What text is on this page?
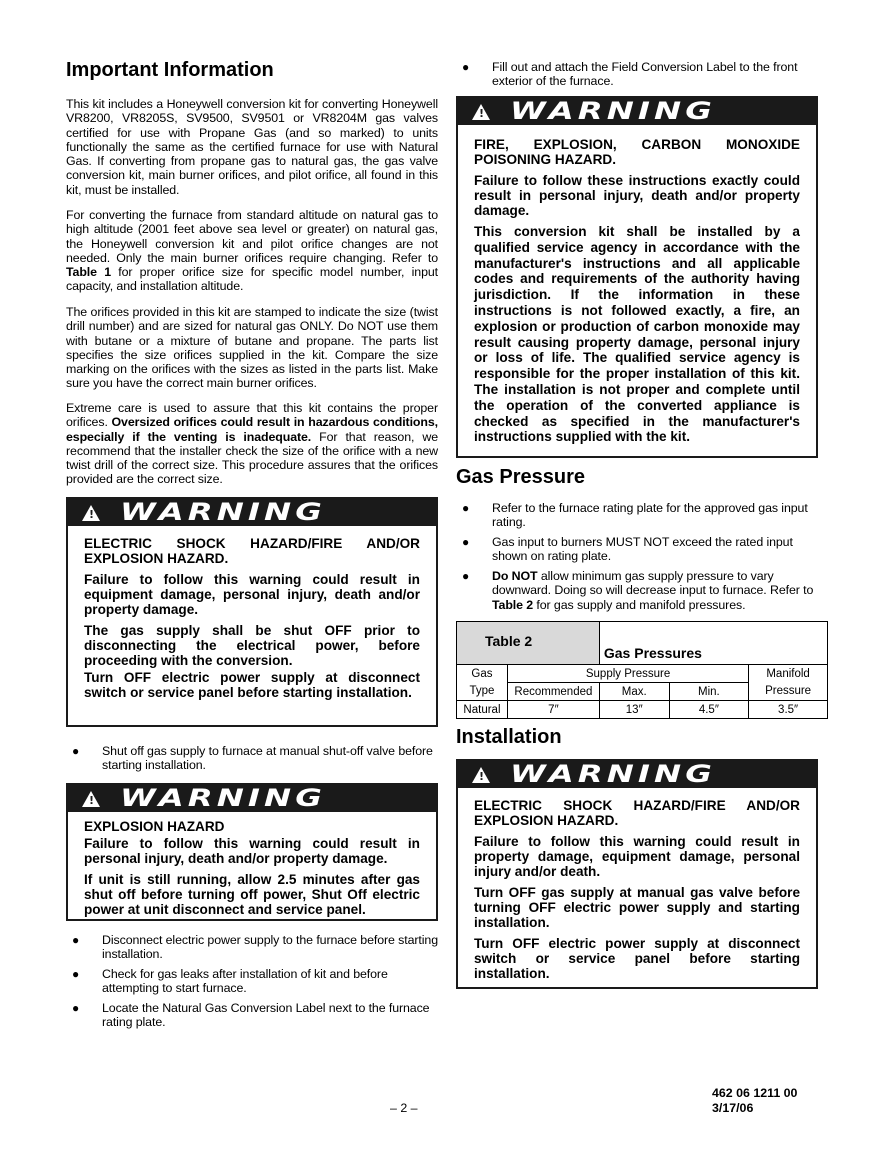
Important Information

This kit includes a Honeywell conversion kit for converting Honeywell VR8200, VR8205S, SV9500, SV9501 or VR8204M gas valves certified for use with Propane Gas (and so marked) to units functionally the same as the certified furnace for use with Natural Gas. If converting from propane gas to natural gas, the gas valve conversion kit, main burner orifices, and pilot orifice, all found in this kit, must be installed.

For converting the furnace from standard altitude on natural gas to high altitude (2001 feet above sea level or greater) on natural gas, the Honeywell conversion kit and pilot orifice changes are not needed. Only the main burner orifices require changing. Refer to Table 1 for proper orifice size for specific model number, input capacity, and installation altitude.

The orifices provided in this kit are stamped to indicate the size (twist drill number) and are sized for natural gas ONLY. Do NOT use them with butane or a mixture of butane and propane. The parts list specifies the size orifices supplied in the kit. Compare the size marking on the orifices with the sizes as listed in the parts list. Make sure you have the correct main burner orifices.

Extreme care is used to assure that this kit contains the proper orifices. Oversized orifices could result in hazardous conditions, especially if the venting is inadequate. For that reason, we recommend that the installer check the size of the orifice with a new twist drill of the correct size. This procedure assures that the orifices provided are the correct size.

! WARNING

ELECTRIC SHOCK HAZARD/FIRE AND/OR EXPLOSION HAZARD.

Failure to follow this warning could result in equipment damage, personal injury, death and/or property damage.

The gas supply shall be shut OFF prior to disconnecting the electrical power, before proceeding with the conversion.

Turn OFF electric power supply at disconnect switch or service panel before starting installation.

● Shut off gas supply to furnace at manual shut-off valve before starting installation.
! WARNING

EXPLOSION HAZARD

Failure to follow this warning could result in personal injury, death and/or property damage.

If unit is still running, allow 2.5 minutes after gas shut off before turning off power, Shut Off electric power at unit disconnect and service panel.

● Disconnect electric power supply to the furnace before starting installation.
● Check for gas leaks after installation of kit and before attempting to start furnace.
● Locate the Natural Gas Conversion Label next to the furnace rating plate.
● Fill out and attach the Field Conversion Label to the front exterior of the furnace.
! WARNING

FIRE, EXPLOSION, CARBON MONOXIDE POISONING HAZARD.

Failure to follow these instructions exactly could result in personal injury, death and/or property damage.

This conversion kit shall be installed by a qualified service agency in accordance with the manufacturer's instructions and all applicable codes and requirements of the authority having jurisdiction. If the information in these instructions is not followed exactly, a fire, an explosion or production of carbon monoxide may result causing property damage, personal injury or loss of life. The qualified service agency is responsible for the proper installation of this kit. The installation is not proper and complete until the operation of the converted appliance is checked as specified in the manufacturer's instructions supplied with the kit.

Gas Pressure
● Refer to the furnace rating plate for the approved gas input rating.
● Gas input to burners MUST NOT exceed the rated input shown on rating plate.
● Do NOT allow minimum gas supply pressure to vary downward. Doing so will decrease input to furnace. Refer to Table 2 for gas supply and manifold pressures.
Table 2		Gas Pressures		
Gas	Supply Pressure			Manifold
Type	Recommended	Max.	Min.	Pressure
Natural	7″	13″	4.5″	3.5″
Installation
! WARNING

ELECTRIC SHOCK HAZARD/FIRE AND/OR EXPLOSION HAZARD.

Failure to follow this warning could result in property damage, equipment damage, personal injury and/or death.

Turn OFF gas supply at manual gas valve before turning OFF electric power supply and starting installation.

Turn OFF electric power supply at disconnect switch or service panel before starting installation.

– 2 –
462 06 1211 00
3/17/06
